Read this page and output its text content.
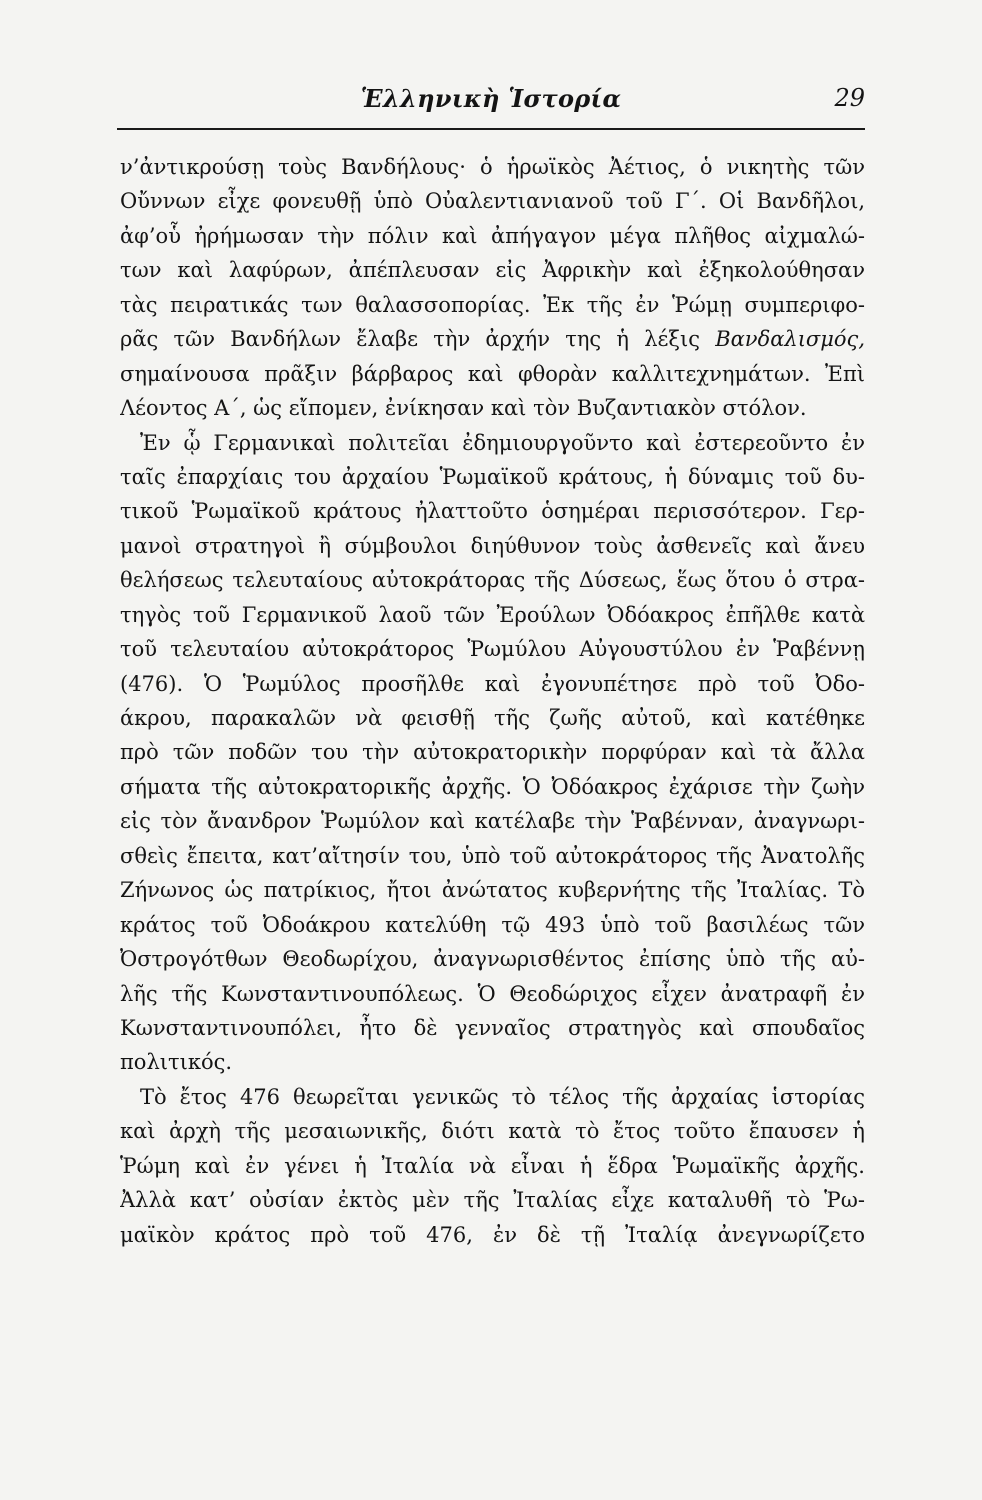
Ἑλληνικὴ Ἱστορία	29
ν’ἀντικρούσῃ τοὺς Βανδήλους· ὁ ἡρωϊκὸς Ἀέτιος, ὁ νικητὴς τῶν
Οὔννων εἶχε φονευθῇ ὑπὸ Οὐαλεντιανιανοῦ τοῦ Γ΄. Οἱ Βανδῆλοι,
ἀφ’οὗ ἠρήμωσαν τὴν πόλιν καὶ ἀπήγαγον μέγα πλῆθος αἰχμαλώ-
των καὶ λαφύρων, ἀπέπλευσαν εἰς Ἀφρικὴν καὶ ἐξηκολούθησαν
τὰς πειρατικάς των θαλασσοπορίας. Ἐκ τῆς ἐν Ῥώμῃ συμπεριφο-
ρᾶς τῶν Βανδήλων ἔλαβε τὴν ἀρχήν της ἡ λέξις Βανδαλισμός,
σημαίνουσα πρᾶξιν βάρβαρος καὶ φθορὰν καλλιτεχνημάτων. Ἐπὶ
Λέοντος Α΄, ὡς εἴπομεν, ἐνίκησαν καὶ τὸν Βυζαντιακὸν στόλον.
Ἐν ᾧ Γερμανικαὶ πολιτεῖαι ἐδημιουργοῦντο καὶ ἐστερεοῦντο ἐν
ταῖς ἐπαρχίαις του ἀρχαίου Ῥωμαϊκοῦ κράτους, ἡ δύναμις τοῦ δυ-
τικοῦ Ῥωμαϊκοῦ κράτους ἠλαττοῦτο ὁσημέραι περισσότερον. Γερ-
μανοὶ στρατηγοὶ ἢ σύμβουλοι διηύθυνον τοὺς ἀσθενεῖς καὶ ἄνευ
θελήσεως τελευταίους αὐτοκράτορας τῆς Δύσεως, ἕως ὅτου ὁ στρα-
τηγὸς τοῦ Γερμανικοῦ λαοῦ τῶν Ἐρούλων Ὀδόακρος ἐπῆλθε κατὰ
τοῦ τελευταίου αὐτοκράτορος Ῥωμύλου Αὐγουστύλου ἐν Ῥαβέννῃ
(476). Ὁ Ῥωμύλος προσῆλθε καὶ ἐγονυπέτησε πρὸ τοῦ Ὀδο-
άκρου, παρακαλῶν νὰ φεισθῇ τῆς ζωῆς αὐτοῦ, καὶ κατέθηκε
πρὸ τῶν ποδῶν του τὴν αὐτοκρατορικὴν πορφύραν καὶ τὰ ἄλλα
σήματα τῆς αὐτοκρατορικῆς ἀρχῆς. Ὁ Ὀδόακρος ἐχάρισε τὴν ζωὴν
εἰς τὸν ἄνανδρον Ῥωμύλον καὶ κατέλαβε τὴν Ῥαβένναν, ἀναγνωρι-
σθεὶς ἔπειτα, κατ’αἴτησίν του, ὑπὸ τοῦ αὐτοκράτορος τῆς Ἀνατολῆς
Ζήνωνος ὡς πατρίκιος, ἤτοι ἀνώτατος κυβερνήτης τῆς Ἰταλίας. Τὸ
κράτος τοῦ Ὀδοάκρου κατελύθη τῷ 493 ὑπὸ τοῦ βασιλέως τῶν
Ὀστρογότθων Θεοδωρίχου, ἀναγνωρισθέντος ἐπίσης ὑπὸ τῆς αὐ-
λῆς τῆς Κωνσταντινουπόλεως. Ὁ Θεοδώριχος εἶχεν ἀνατραφῆ ἐν
Κωνσταντινουπόλει, ἦτο δὲ γενναῖος στρατηγὸς καὶ σπουδαῖος
πολιτικός.
Τὸ ἔτος 476 θεωρεῖται γενικῶς τὸ τέλος τῆς ἀρχαίας ἱστορίας
καὶ ἀρχὴ τῆς μεσαιωνικῆς, διότι κατὰ τὸ ἔτος τοῦτο ἔπαυσεν ἡ
Ῥώμη καὶ ἐν γένει ἡ Ἰταλία νὰ εἶναι ἡ ἕδρα Ῥωμαϊκῆς ἀρχῆς.
Ἀλλὰ κατ’ οὐσίαν ἐκτὸς μὲν τῆς Ἰταλίας εἶχε καταλυθῆ τὸ Ῥω-
μαϊκὸν κράτος πρὸ τοῦ 476, ἐν δὲ τῇ Ἰταλίᾳ ἀνεγνωρίζετο
